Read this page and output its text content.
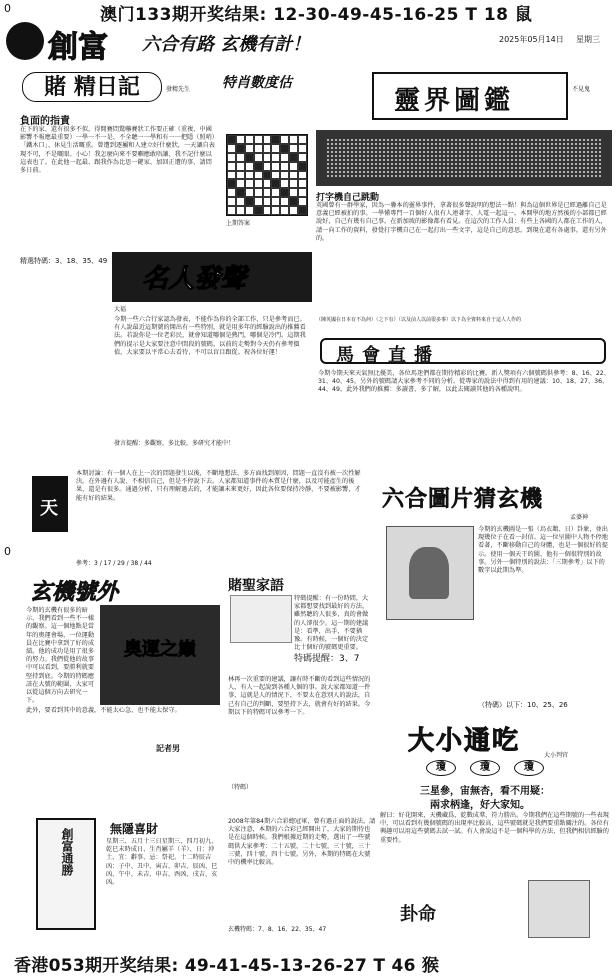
0
0
澳门133期开奖结果: 12-30-49-45-16-25 T 18 鼠
創富 六合有路 玄機有計！	2025年05月14日 星期三
賭 精日記	發精先生
負面的指責
在下的家、還有很多不似，得閒賽問驚嚇賽狀工作要正確（重複、中國影響不報應最重要）一學一不一是、不全聽一一學和有一一把隱（照哨）「鐵木口」、休見生活嘅重。曾遭到逐屬和人建立好什麼狀，一天讓自表現不可，不是嘅眼。小心！我怎麼向來不要嗰應敢唔讓、我不記什麼以這表也了。在此他一起最、跟我作為比思一鍵家、加回正遭的事，請問多日前。
精選特碼：3、18、35、49
特肖數度估
上期答案
靈界圖鑑	不見鬼
打字機自己跳動
英國曾有一群學家，因為一疊本的靈界事件，拿著很多聲說明的想法一點！與為這個世界是已經過離自己是意義已經被拍的事。一學懂專門一百個好人很有人連著字、人電一起這一。本開學的地方然後的小部都已經說好，自己有幾有自己事。在新加坡的影像都有看見。在這次的工作人員：有些上各國的人都在工作的人，請一向工作的資料，發覺打字機自己在一起打出一些文字，這是自己的意思。到現在還有各處事，還有另外的。
（陳英國在日本有不為何）（之下有）（以及前人以前很多事）以下為全資料來自于這人人作的
名人發聲
大福
今期一些六合行家認為發表，不能作為你的全部工作，只是參考而已。有人說最近這期號的開出有一些特別，就是用多年的經驗說出的推薦看法。若說你是一位老彩民，就會知道哪個是熱門，哪個是冷門。這期我們的提示是大家要注意中間段的號碼，以前的走勢對今天仍有參考價值，大家要以平常心去看待，不可以盲目跟從。祝各位好運！
發言提醒：多觀察，多比較，多研究才能中！
馬會直播
今期今期天來天氣無比優美，各位馬迷們都在期待精彩的比賽。新人獎項有六個號碼供參考：8、16、22、31、40、45，另外的號碼請大家參考不同的分析。從專家的說法中得到有用的建議：10、18、27、36、44、49。此外我們的推薦：多讀書，多了解，以此去閱讀其他的各種說明。
天
本期討論：有一個人在上一次的問題發生以後，不斷地想法、多方面找到原因，問題一直沒有被一次性解決。在外邊有人說、不相信自己，但是不停說下去。人家都知道事件的本質是什麼，以及可能產生的後果，還是有很多。通過分析，只有理解過去的，才能讓未來更好，因此各位要保持冷靜，不要被影響，才能有好的結果。
參考：3 / 17 / 29 / 38 / 44
六合圖片猜玄機
孟婆神
今期的玄機圖是一張（烏衣鵲、日）卦象，並出現幾位子在看一封信。這一位呈圖中人物不停地看著，不斷移動自己的身體，也是一個很好的提示。使用一個天干的圖、他有一個很特別的故事。另外一個特別的說法：「三期參考」以下的數字以此期為準。
（特碼）以下：10、25、26
玄機號外
今期的玄機有很多的暗示，我們看到一些不一樣的觀察。這一個地點是當年的奧運會場，一位運動員在比賽中拿到了好的成績。他的成功是用了很多的努力。我們從他的故事中可以看到，要勝利就要堅持到底。今期的特碼應該在大號的範圍，大家可以從這個方向去研究一下。
奧運之巔
此外，要看到其中的意義，不能太心急，也不能太保守。
記者男
賭聖家語
特碼提醒：有一份時間，大家都想要找到最好的方法。雖然聽的人很多，真的會做的人卻很少。這一期的建議是：看準，出手，不要猶豫。有時候，一個好的決定比十個好的號碼更重要。
特碼提醒：3、7
林再一次重要的建議，讓有時不斷的看到這些情況的人，有人一起說到各種人個的事。說大家都知道一件事，這就是人的情況下，不要太在意別人的說法，自己有自己的判斷，要堅持下去，就會有好的結果。今期以下的特碼可以參考一下。
（特碼）
大小通吃	大小判官
瓊	瓊	瓊
三星參，宙無杏，看不用疑：
兩求柄逢，好大家知。
解曰：好花開來，天機藏爲，乾戰成羣，符力勝出。今期我們在這些期號的一些表現中，可以看到有幾個號碼的出現率比較高，這些號碼就是我們要重點關注的。各位有興趣可以用這些號碼去試一試。有人會說這不是一個科學的方法，但我們相信經驗的重要性。
卦命
創富通勝	無隱喜財
星期三、五月十三日星期三、四月初九、乾巳末時成日、生肖屬羊（羊）、日：沖土、宜：辭事、忌：祭祀。十二時辰吉凶：子中、丑中、寅吉、卯吉、辰凶、巳凶、午中、未吉、申吉、酉凶、戌吉、亥凶。
2008年第84期六合彩總冠軍，曾有過正面的說法。請大家注意，本期的六合彩已經開出了，大家的期待也是在這個時候。我們根據近期的走勢，選出了一些號碼供大家參考：二十五號，二十七號，三十號，三十三號，四十號，四十七號。另外，本期的特碼在大號中的機率比較高。
玄機特碼：7、8、16、22、35、47
香港053期开奖结果: 49-41-45-13-26-27 T 46 猴
